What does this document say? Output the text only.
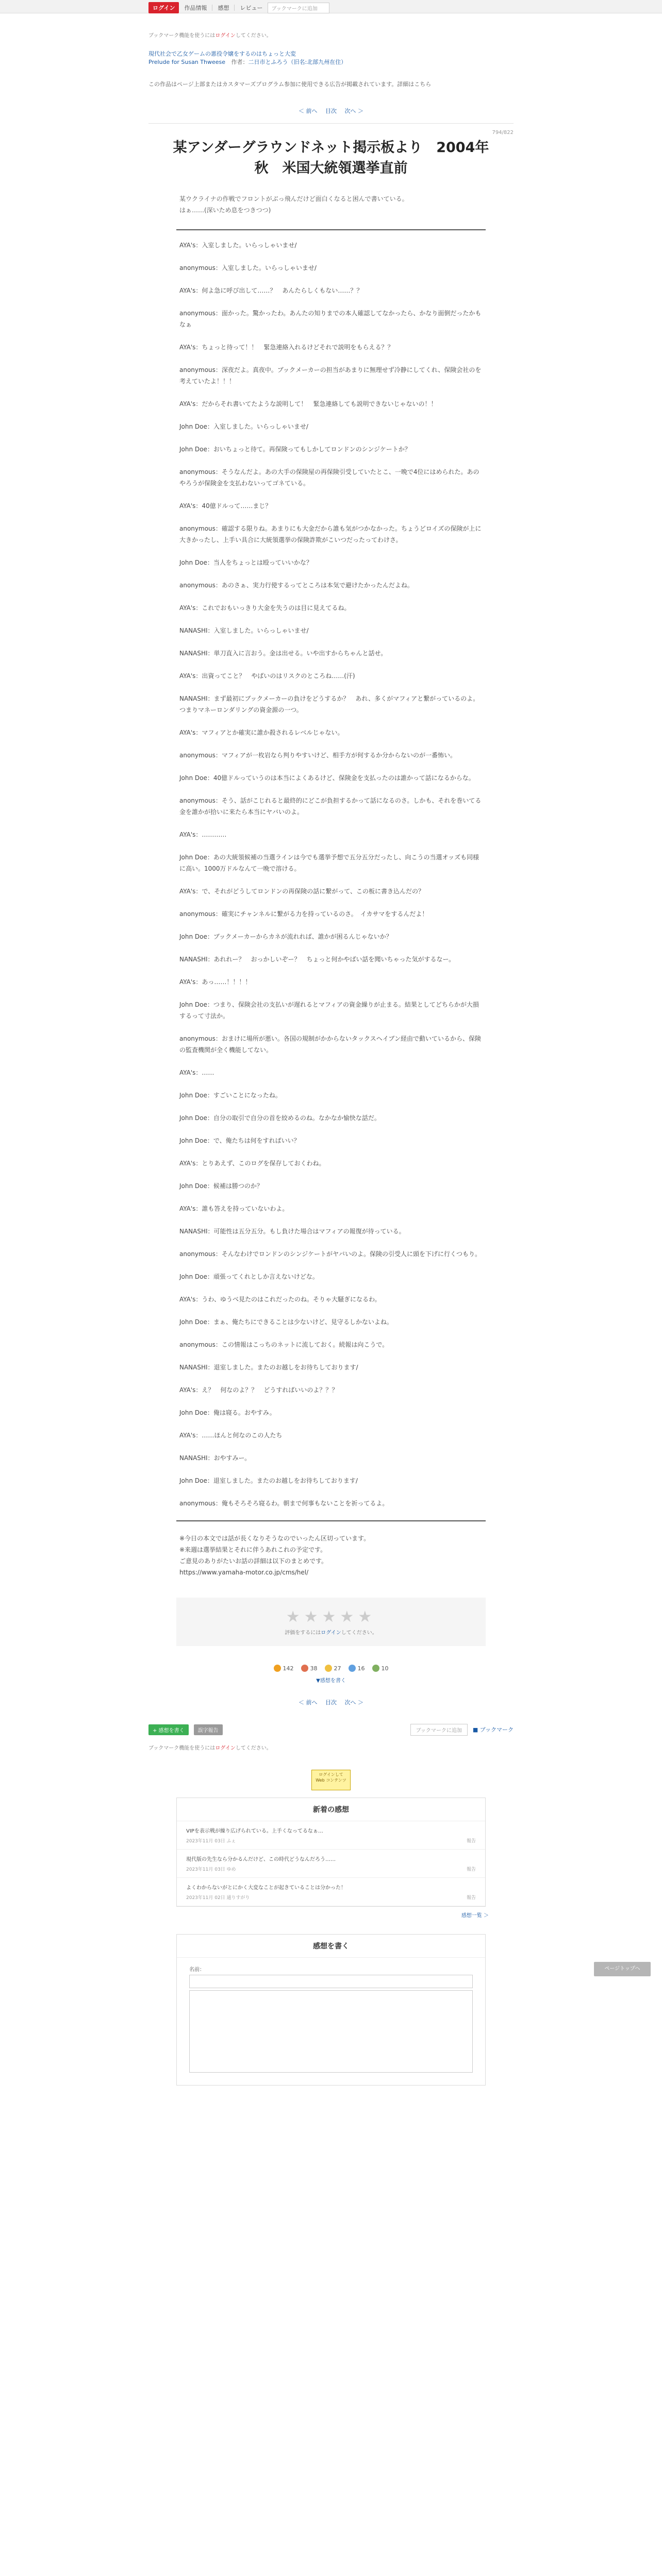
ログイン	作品情報 感想 レビュー	ブックマークに追加
ブックマーク機能を使うにはログインしてください。
現代社会で乙女ゲームの悪役令嬢をするのはちょっと大変
Prelude for Susan Thweese 作者：二日市とふろう（旧名:北部九州在住）
この作品はページ上部またはカスタマーズプログラム参加に使用できる広告が掲載されています。詳細はこちら
＜ 前へ 目次 次へ ＞
794/822
某アンダーグラウンドネット掲示板より　2004年秋　米国大統領選挙直前
某ウクライナの作戦でフロントがぶっ飛んだけど面白くなると困んで書いている。
はぁ……(深いため息をつきつつ)

AYA's：入室しました。いらっしゃいませ/

anonymous：入室しました。いらっしゃいませ/

AYA's：何よ急に呼び出して……？　あんたらしくもない……？？

anonymous：面かった。驚かったわ。あんたの知りまでの本人確認してなかったら、かなり面倒だったかもなぁ

AYA's：ちょっと待って！！　緊急連絡入れるけどそれで説明をもらえる？？

anonymous：深夜だよ。真夜中。ブックメーカーの担当があまりに無理せず冷静にしてくれ、保険会社のを考えていたよ！！！

AYA's：だからそれ書いてたような説明して！　緊急連絡しても説明できないじゃないの！！

John Doe：入室しました。いらっしゃいませ/

John Doe：おいちょっと待て。再保険ってもしかしてロンドンのシンジケートか？

anonymous：そうなんだよ。あの大手の保険屋の再保険引受していたとこ、一晩で4位にはめられた。あのやろうが保険金を支払わないってゴネている。

AYA's：40億ドルって……まじ？

anonymous：確認する限りね。あまりにも大金だから誰も気がつかなかった。ちょうどロイズの保険が上に大きかったし、上手い具合に大統領選挙の保険詐欺がこいつだったってわけさ。

John Doe：当人をちょっとは殴っていいかな？

anonymous：あのさぁ、実力行使するってところは本気で避けたかったんだよね。

AYA's：これでおもいっきり大金を失うのは目に見えてるね。

NANASHI：入室しました。いらっしゃいませ/

NANASHI：単刀直入に言おう。金は出せる。いや出すからちゃんと話せ。

AYA's：出資ってこと？　やばいのはリスクのところね……(汗)

NANASHI：まず最初にブックメーカーの負けをどうするか？　あれ、多くがマフィアと繋がっているのよ。つまりマネーロンダリングの資金源の一つ。

AYA's：マフィアとか確実に誰か殺されるレベルじゃない。

anonymous：マフィアが一枚岩なら判りやすいけど、相手方が何するか分からないのが一番怖い。

John Doe：40億ドルっていうのは本当によくあるけど、保険金を支払ったのは誰かって話になるからな。

anonymous：そう、話がこじれると最終的にどこが負担するかって話になるのさ。しかも、それを巻いてる金を誰かが拾いに来たら本当にヤバいのよ。

AYA's：…………

John Doe：あの大統領候補の当選ラインは今でも選挙予想で五分五分だったし、向こうの当選オッズも同様に高い。1000万ドルなんて一晩で溶ける。

AYA's：で、それがどうしてロンドンの再保険の話に繋がって、この板に書き込んだの？

anonymous：確実にチャンネルに繋がる力を持っているのさ。　イカサマをするんだよ！

John Doe：ブックメーカーからカネが流れれば、誰かが困るんじゃないか？

NANASHI：あれれー？　おっかしいぞー？　ちょっと何かやばい話を聞いちゃった気がするなー。

AYA's：あっ……！！！！

John Doe：つまり、保険会社の支払いが遅れるとマフィアの資金繰りが止まる。結果としてどちらかが大損するって寸法か。

anonymous：おまけに場所が悪い。各国の規制がかからないタックスヘイブン経由で動いているから、保険の監査機関が全く機能してない。

AYA's：……

John Doe：すごいことになったね。

John Doe：自分の取引で自分の首を絞めるのね。なかなか愉快な話だ。

John Doe：で、俺たちは何をすればいい？

AYA's：とりあえず、このログを保存しておくわね。

John Doe：候補は勝つのか？

AYA's：誰も答えを持っていないわよ。

NANASHI：可能性は五分五分。もし負けた場合はマフィアの報復が待っている。

anonymous：そんなわけでロンドンのシンジケートがヤバいのよ。保険の引受人に頭を下げに行くつもり。

John Doe：頑張ってくれとしか言えないけどな。

AYA's：うわ、ゆうべ見たのはこれだったのね。そりゃ大騒ぎになるわ。

John Doe：まぁ、俺たちにできることは少ないけど、見守るしかないよね。

anonymous：この情報はこっちのネットに流しておく。続報は向こうで。

NANASHI：退室しました。またのお越しをお待ちしております/

AYA's：え？　何なのよ？？　どうすればいいのよ？？？

John Doe：俺は寝る。おやすみ。

AYA's：……ほんと何なのこの人たち

NANASHI：おやすみー。

John Doe：退室しました。またのお越しをお待ちしております/

anonymous：俺もそろそろ寝るわ。朝まで何事もないことを祈ってるよ。

※今日の本文では話が長くなりそうなのでいったん区切っています。
※来週は選挙結果とそれに伴うあれこれの予定です。
ご意見のありがたいお話の詳細は以下のまとめです。
https://www.yamaha-motor.co.jp/cms/hel/
★★★★★
評価をするにはログインしてください。
142	38	27	16	10
▼感想を書く
＜ 前へ 目次 次へ ＞
+ 感想を書く	誤字報告	ブックマークに追加	■ ブックマーク
ブックマーク機能を使うにはログインしてください。
ログインして
Web コンテンツ
新着の感想
VIPを表示戦が繰り広げられている。上手くなってるなぁ…
2023年11月 03日
ふぇ	報告
現代版の先生なら分かるんだけど、この時代どうなんだろう……
2023年11月 03日
ゆめ	報告
よくわからないがとにかく大変なことが起きていることは分かった！
2023年11月 02日
通りすがり	報告
感想一覧 ＞
感想を書く
名前：	ページトップへ
